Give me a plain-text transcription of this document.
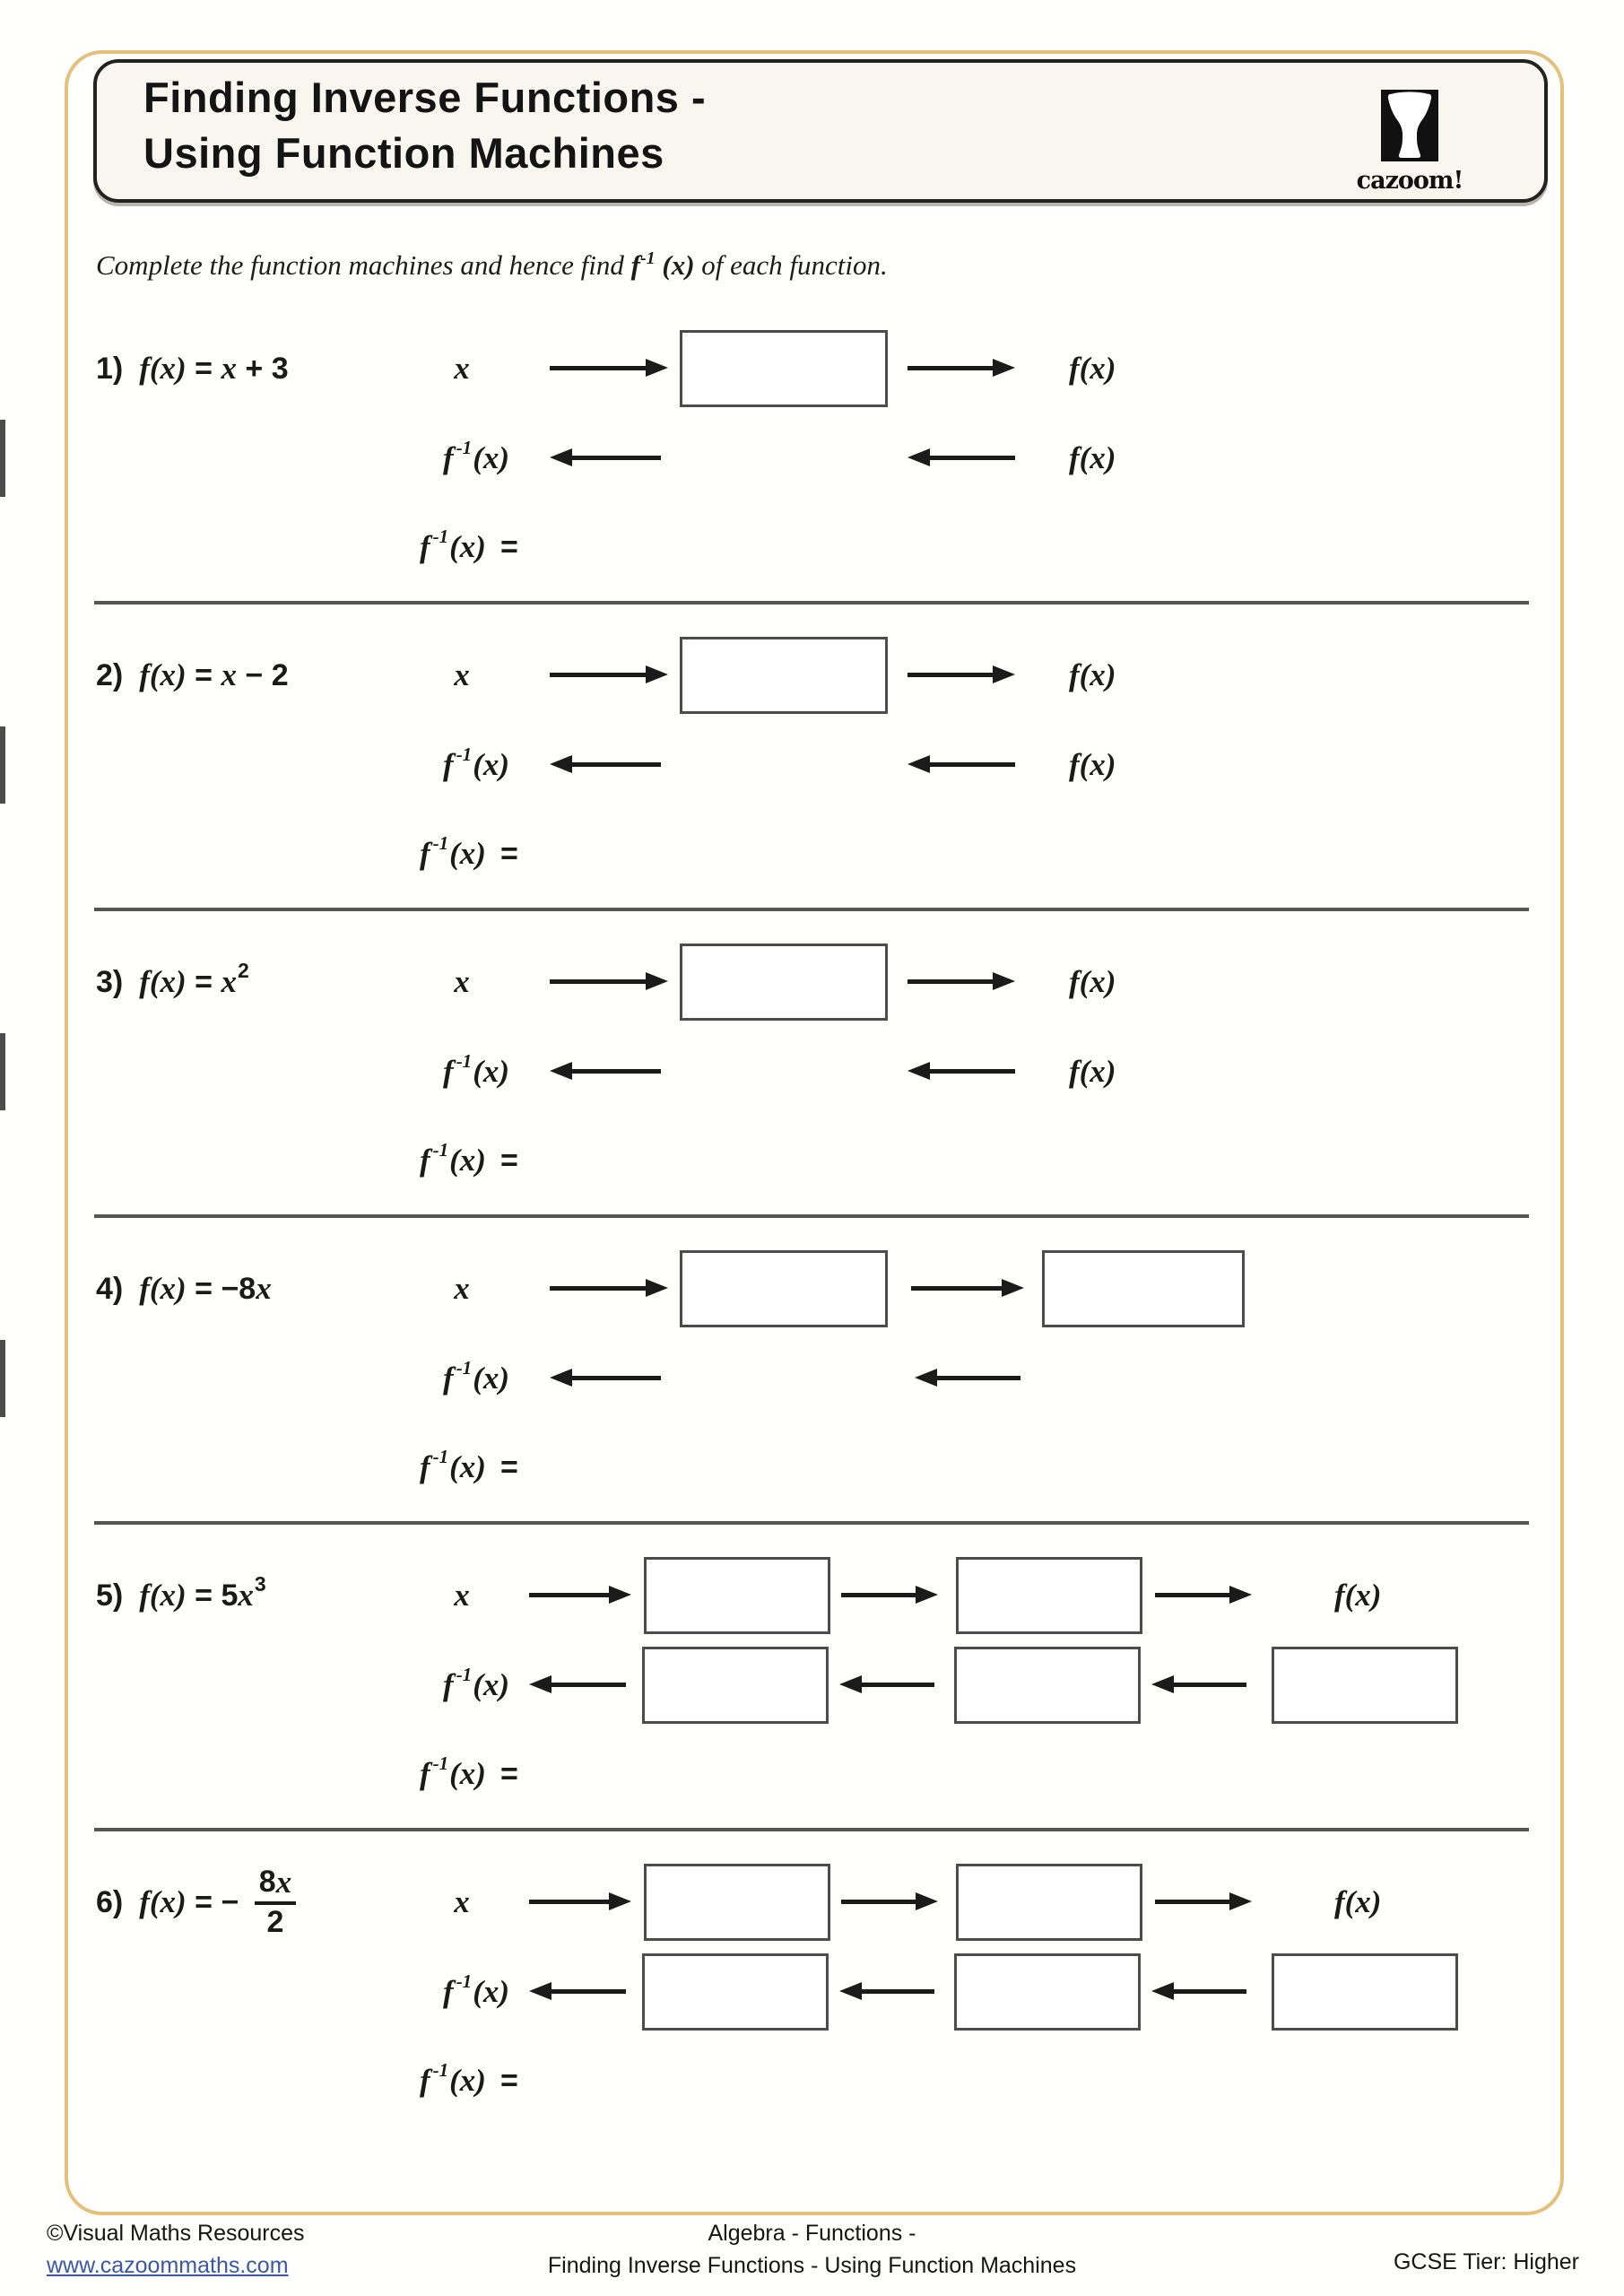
Finding Inverse Functions -
Using Function Machines
cazoom!
Complete the function machines and hence find $f^{-1}$ (x) of each function.
1) f(x) = x + 3	x	f(x)
f -1 (x)	f(x)
f -1 (x) =
2) f(x) = x − 2	x	f(x)
f -1 (x)	f(x)
f -1 (x) =
3) f(x) = x 2	x	f(x)
f -1 (x)	f(x)
f -1 (x) =
4) f(x) = −8 x	x
f -1 (x)
f -1 (x) =
5) f(x) = 5 x 3	x	f(x)
f -1 (x)
f -1 (x) =
6) f(x) = − $\frac{8 x}{2}$	x	f(x)
f -1 (x)
f -1 (x) =
©Visual Maths Resources
www.cazoommaths.com
Algebra - Functions -
Finding Inverse Functions - Using Function Machines	GCSE Tier: Higher
